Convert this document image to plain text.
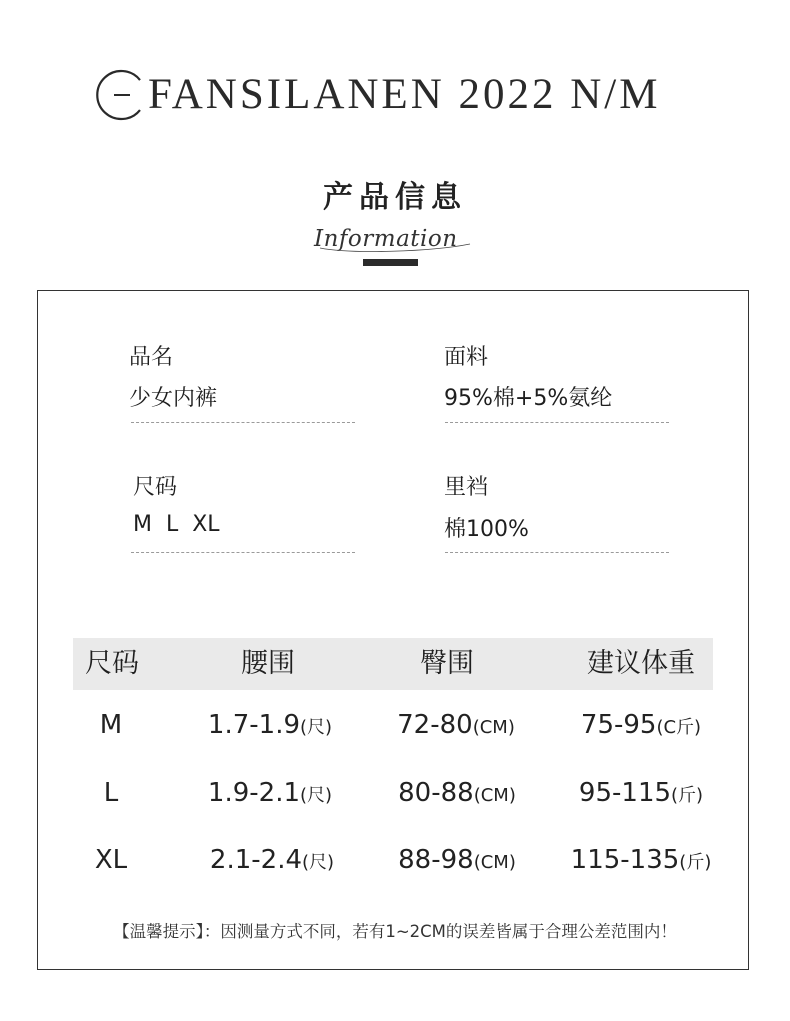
FANSILANEN 2022 N/M
产品信息
Information
品名
少女内裤
面料
95%棉+5%氨纶
尺码
M  L  XL
里裆
棉100%
尺码	腰围	臀围	建议体重
M	1.7-1.9(尺)	72-80(CM)	75-95(C斤)
L	1.9-2.1(尺)	80-88(CM) 95-115(斤)
XL	2.1-2.4(尺) 88-98(CM) 115-135(斤)
【温馨提示】：因测量方式不同，若有1~2CM的误差皆属于合理公差范围内！
